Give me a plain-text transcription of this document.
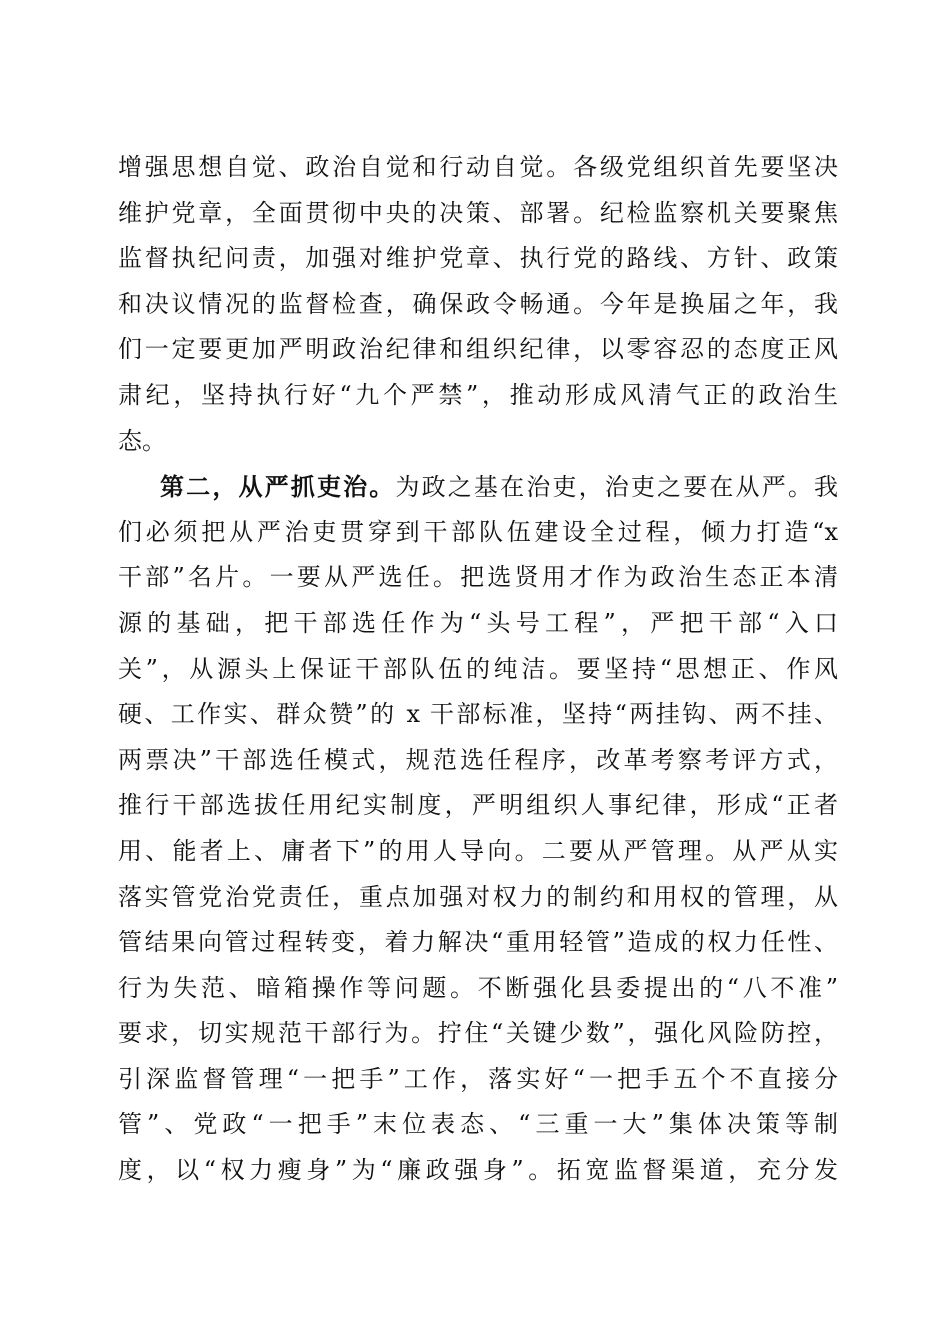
增强思想自觉、政治自觉和行动自觉。各级党组织首先要坚决
维护党章，全面贯彻中央的决策、部署。纪检监察机关要聚焦
监督执纪问责，加强对维护党章、执行党的路线、方针、政策
和决议情况的监督检查，确保政令畅通。今年是换届之年，我
们一定要更加严明政治纪律和组织纪律，以零容忍的态度正风
肃纪，坚持执行好“九个严禁”，推动形成风清气正的政治生
态。
第二，从严抓吏治。为政之基在治吏，治吏之要在从严。我
们必须把从严治吏贯穿到干部队伍建设全过程，倾力打造“x
干部”名片。一要从严选任。把选贤用才作为政治生态正本清
源的基础，把干部选任作为“头号工程”，严把干部“入口
关”，从源头上保证干部队伍的纯洁。要坚持“思想正、作风
硬、工作实、群众赞”的 x 干部标准，坚持“两挂钩、两不挂、
两票决”干部选任模式，规范选任程序，改革考察考评方式，
推行干部选拔任用纪实制度，严明组织人事纪律，形成“正者
用、能者上、庸者下”的用人导向。二要从严管理。从严从实
落实管党治党责任，重点加强对权力的制约和用权的管理，从
管结果向管过程转变，着力解决“重用轻管”造成的权力任性、
行为失范、暗箱操作等问题。不断强化县委提出的“八不准”
要求，切实规范干部行为。拧住“关键少数”，强化风险防控，
引深监督管理“一把手”工作，落实好“一把手五个不直接分
管”、党政“一把手”末位表态、“三重一大”集体决策等制
度，以“权力瘦身”为“廉政强身”。拓宽监督渠道，充分发
